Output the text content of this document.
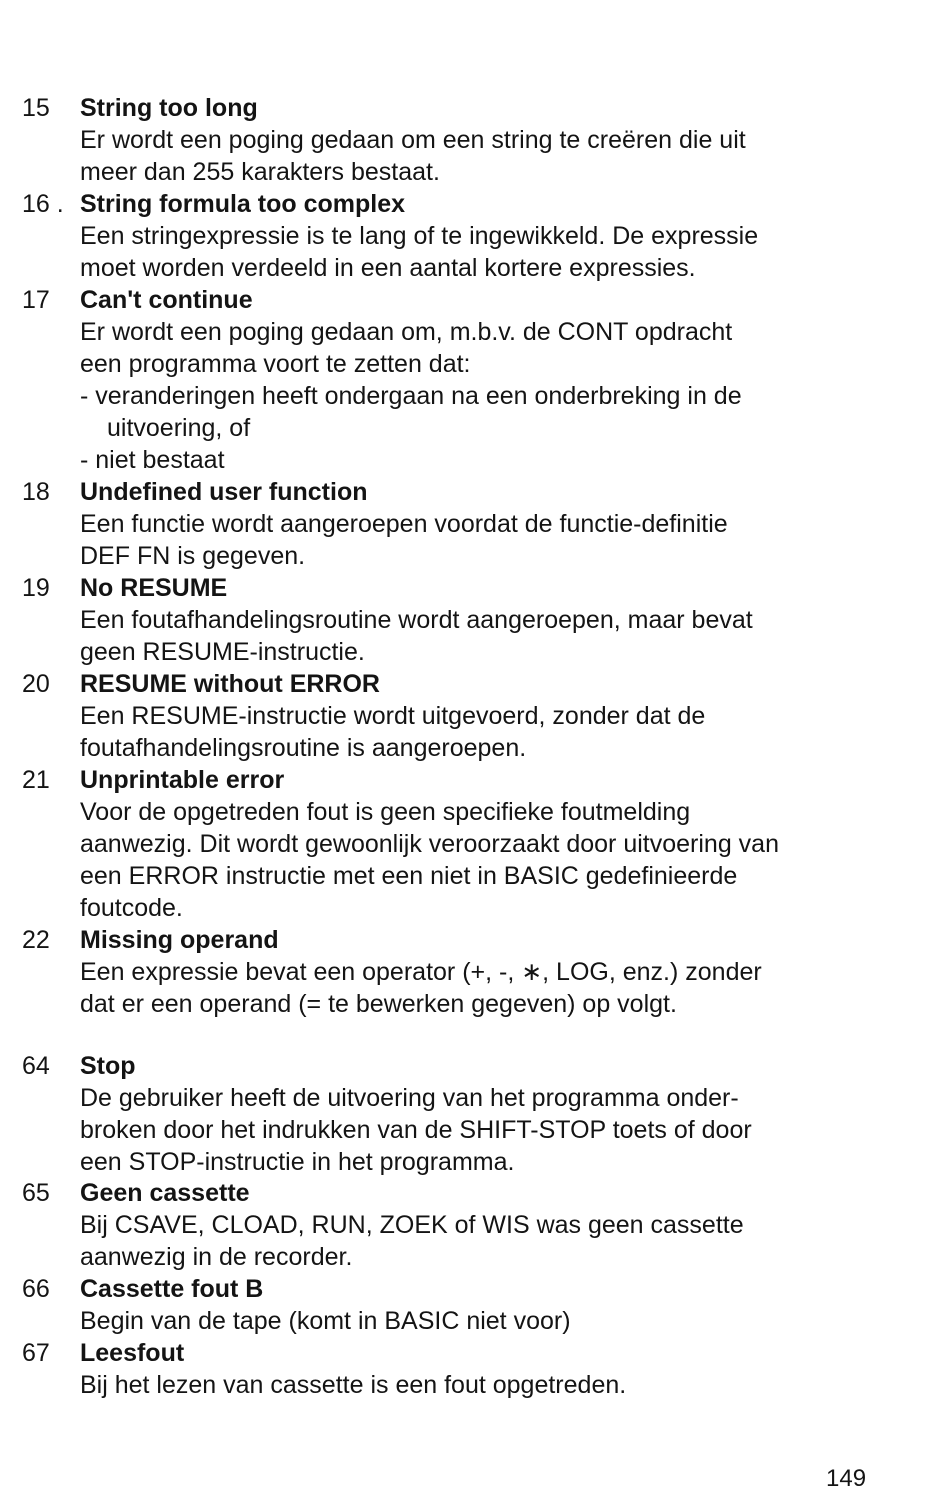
15 String too long
Er wordt een poging gedaan om een string te creëren die uit
meer dan 255 karakters bestaat.
16 . String formula too complex
Een stringexpressie is te lang of te ingewikkeld. De expressie
moet worden verdeeld in een aantal kortere expressies.
17 Can't continue
Er wordt een poging gedaan om, m.b.v. de CONT opdracht
een programma voort te zetten dat:
- veranderingen heeft ondergaan na een onderbreking in de
uitvoering, of
- niet bestaat
18 Undefined user function
Een functie wordt aangeroepen voordat de functie-definitie
DEF FN is gegeven.
19 No RESUME
Een foutafhandelingsroutine wordt aangeroepen, maar bevat
geen RESUME-instructie.
20 RESUME without ERROR
Een RESUME-instructie wordt uitgevoerd, zonder dat de
foutafhandelingsroutine is aangeroepen.
21 Unprintable error
Voor de opgetreden fout is geen specifieke foutmelding
aanwezig. Dit wordt gewoonlijk veroorzaakt door uitvoering van
een ERROR instructie met een niet in BASIC gedefinieerde
foutcode.
22 Missing operand
Een expressie bevat een operator (+, -, ∗, LOG, enz.) zonder
dat er een operand (= te bewerken gegeven) op volgt.
64 Stop
De gebruiker heeft de uitvoering van het programma onder-
broken door het indrukken van de SHIFT-STOP toets of door
een STOP-instructie in het programma.
65 Geen cassette
Bij CSAVE, CLOAD, RUN, ZOEK of WIS was geen cassette
aanwezig in de recorder.
66 Cassette fout B
Begin van de tape (komt in BASIC niet voor)
67 Leesfout
Bij het lezen van cassette is een fout opgetreden.
149
